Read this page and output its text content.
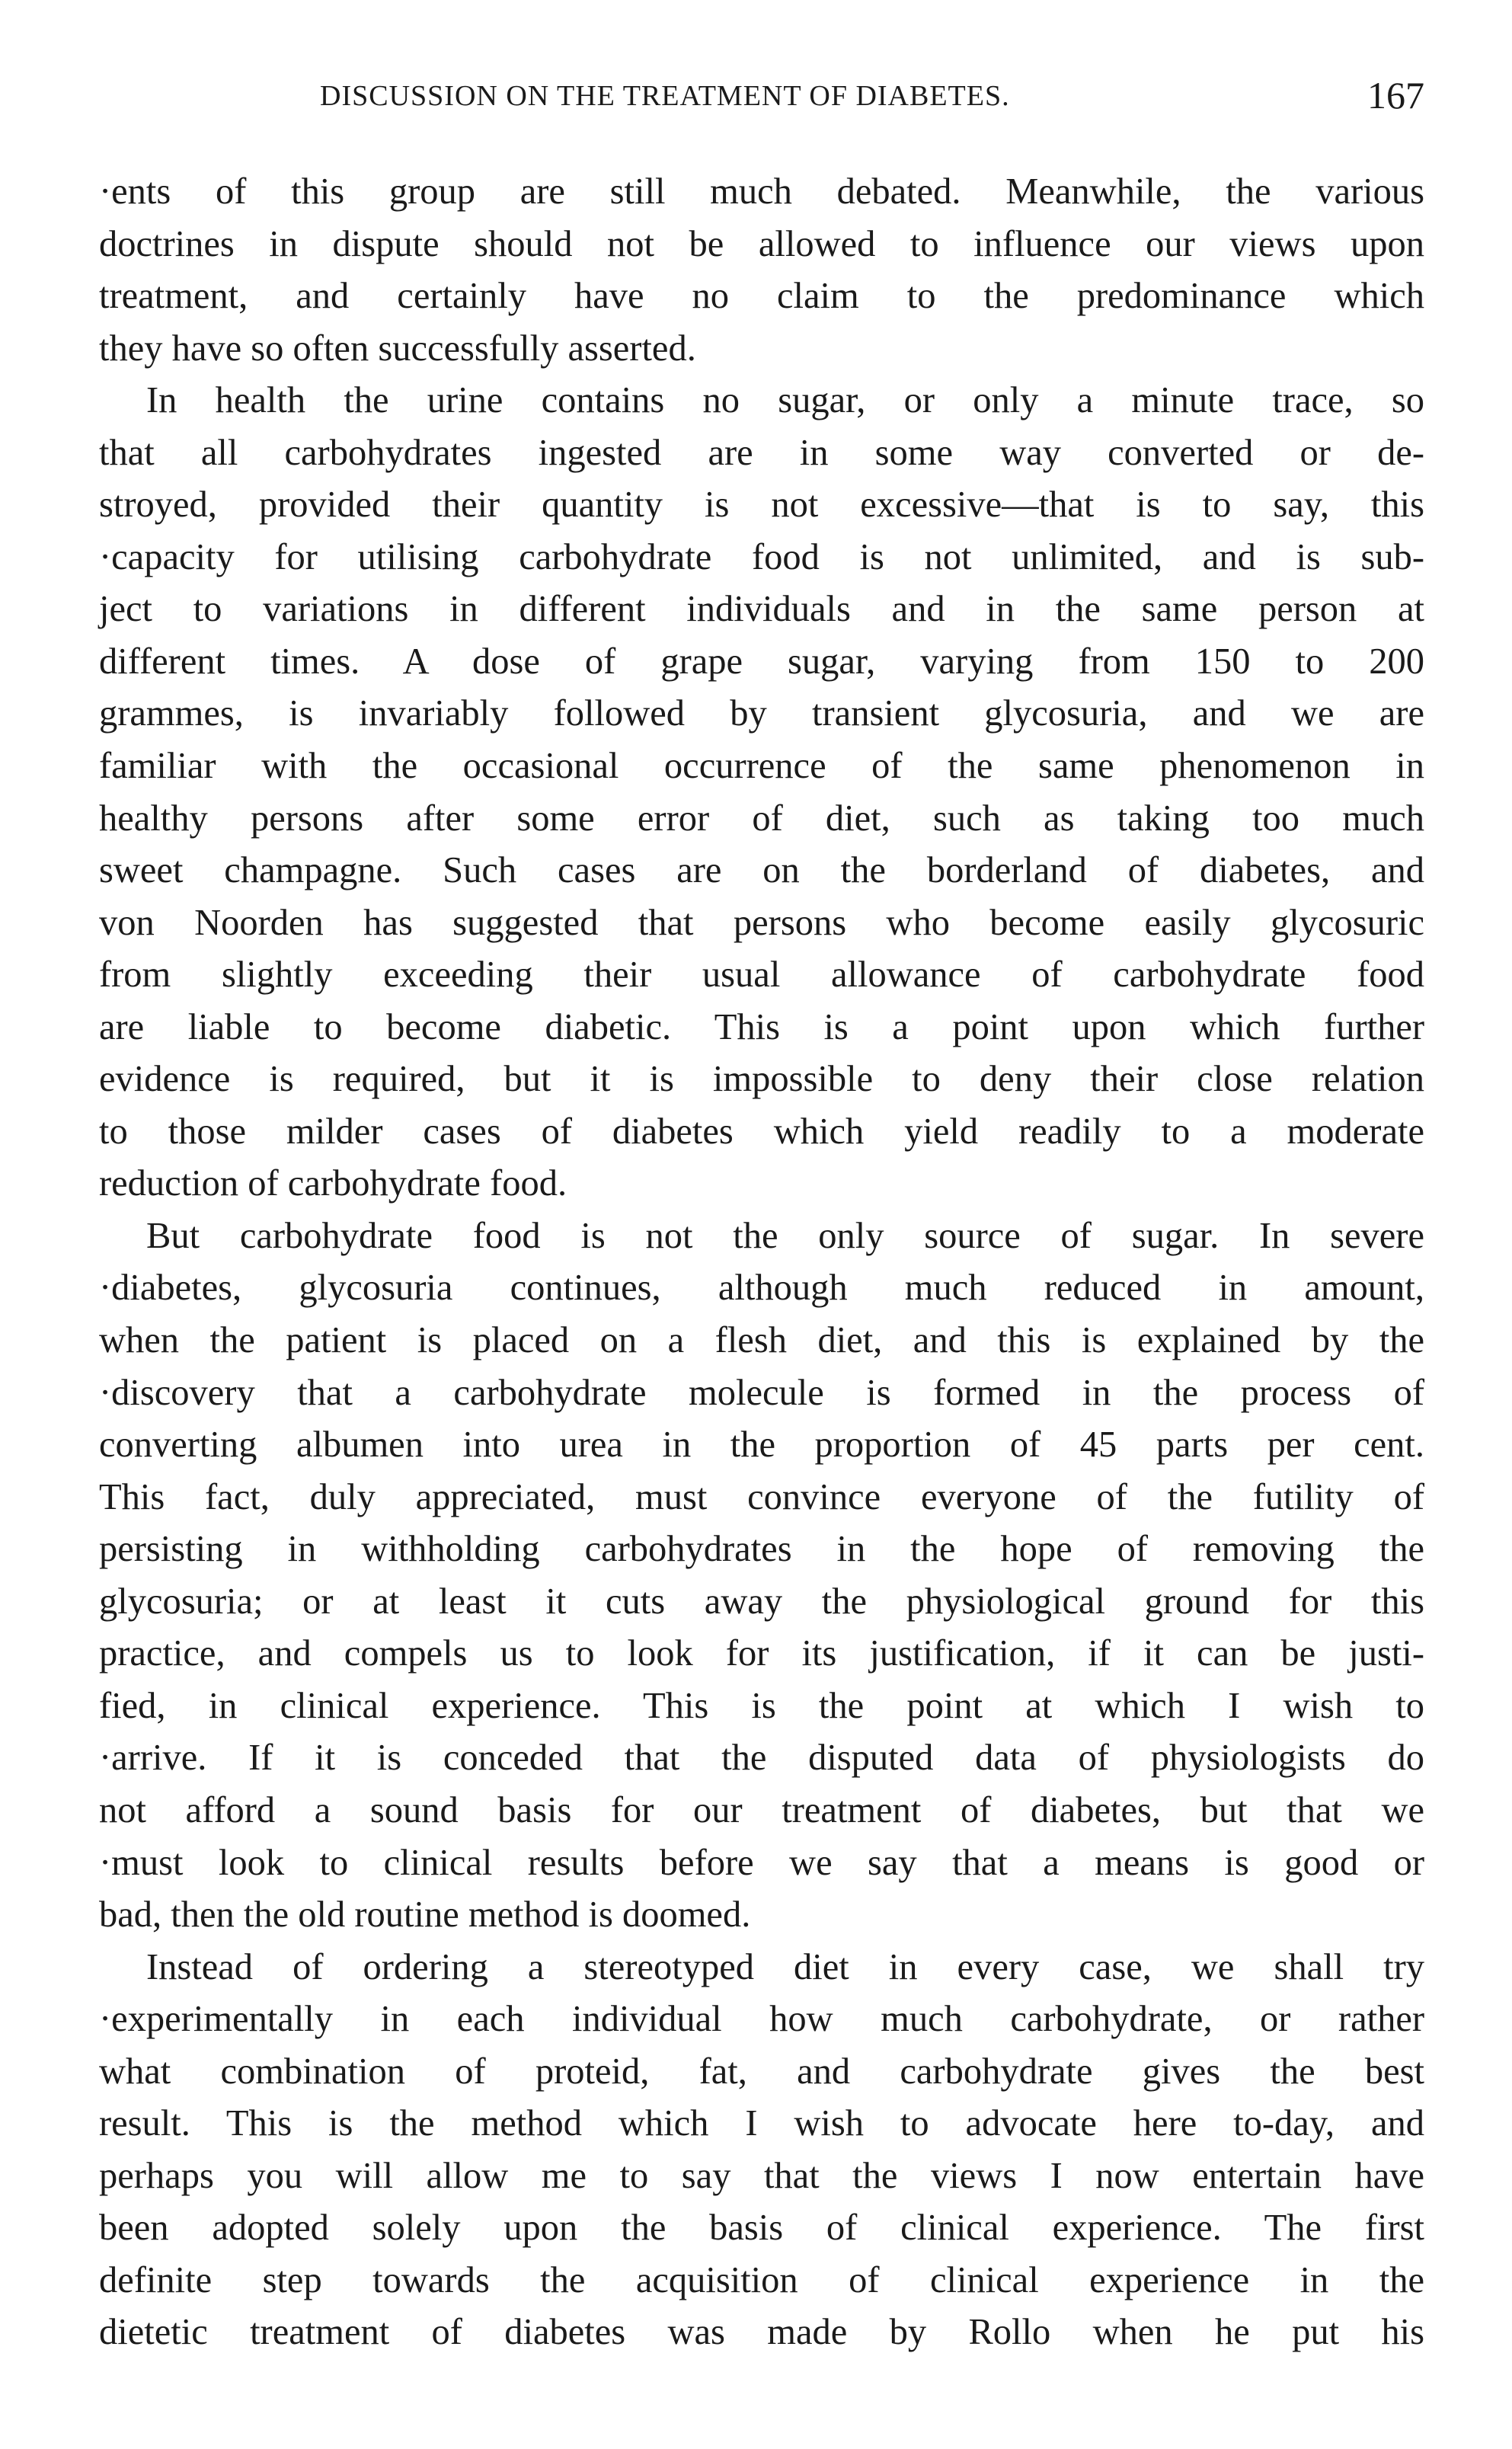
DISCUSSION ON THE TREATMENT OF DIABETES.	167
·ents of this group are still much debated. Meanwhile, the various
doctrines in dispute should not be allowed to influence our views upon
treatment, and certainly have no claim to the predominance which
they have so often successfully asserted.
In health the urine contains no sugar, or only a minute trace, so
that all carbohydrates ingested are in some way converted or de-
stroyed, provided their quantity is not excessive—that is to say, this
·capacity for utilising carbohydrate food is not unlimited, and is sub-
ject to variations in different individuals and in the same person at
different times. A dose of grape sugar, varying from 150 to 200
grammes, is invariably followed by transient glycosuria, and we are
familiar with the occasional occurrence of the same phenomenon in
healthy persons after some error of diet, such as taking too much
sweet champagne. Such cases are on the borderland of diabetes, and
von Noorden has suggested that persons who become easily glycosuric
from slightly exceeding their usual allowance of carbohydrate food
are liable to become diabetic. This is a point upon which further
evidence is required, but it is impossible to deny their close relation
to those milder cases of diabetes which yield readily to a moderate
reduction of carbohydrate food.
But carbohydrate food is not the only source of sugar. In severe
·diabetes, glycosuria continues, although much reduced in amount,
when the patient is placed on a flesh diet, and this is explained by the
·discovery that a carbohydrate molecule is formed in the process of
converting albumen into urea in the proportion of 45 parts per cent.
This fact, duly appreciated, must convince everyone of the futility of
persisting in withholding carbohydrates in the hope of removing the
glycosuria; or at least it cuts away the physiological ground for this
practice, and compels us to look for its justification, if it can be justi-
fied, in clinical experience. This is the point at which I wish to
·arrive. If it is conceded that the disputed data of physiologists do
not afford a sound basis for our treatment of diabetes, but that we
·must look to clinical results before we say that a means is good or
bad, then the old routine method is doomed.
Instead of ordering a stereotyped diet in every case, we shall try
·experimentally in each individual how much carbohydrate, or rather
what combination of proteid, fat, and carbohydrate gives the best
result. This is the method which I wish to advocate here to-day, and
perhaps you will allow me to say that the views I now entertain have
been adopted solely upon the basis of clinical experience. The first
definite step towards the acquisition of clinical experience in the
dietetic treatment of diabetes was made by Rollo when he put his
